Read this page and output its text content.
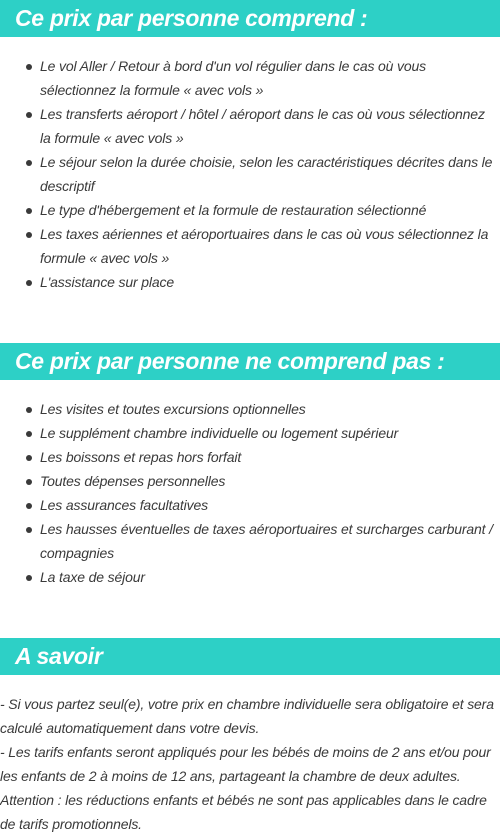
Ce prix par personne comprend :
Le vol Aller / Retour à bord d'un vol régulier dans le cas où vous sélectionnez la formule « avec vols »
Les transferts aéroport / hôtel / aéroport dans le cas où vous sélectionnez la formule « avec vols »
Le séjour selon la durée choisie, selon les caractéristiques décrites dans le descriptif
Le type d'hébergement et la formule de restauration sélectionné
Les taxes aériennes et aéroportuaires dans le cas où vous sélectionnez la formule « avec vols »
L'assistance sur place
Ce prix par personne ne comprend pas :
Les visites et toutes excursions optionnelles
Le supplément chambre individuelle ou logement supérieur
Les boissons et repas hors forfait
Toutes dépenses personnelles
Les assurances facultatives
Les hausses éventuelles de taxes aéroportuaires et surcharges carburant / compagnies
La taxe de séjour
A savoir

- Si vous partez seul(e), votre prix en chambre individuelle sera obligatoire et sera calculé automatiquement dans votre devis.

- Les tarifs enfants seront appliqués pour les bébés de moins de 2 ans et/ou pour les enfants de 2 à moins de 12 ans, partageant la chambre de deux adultes.

Attention : les réductions enfants et bébés ne sont pas applicables dans le cadre de tarifs promotionnels.
